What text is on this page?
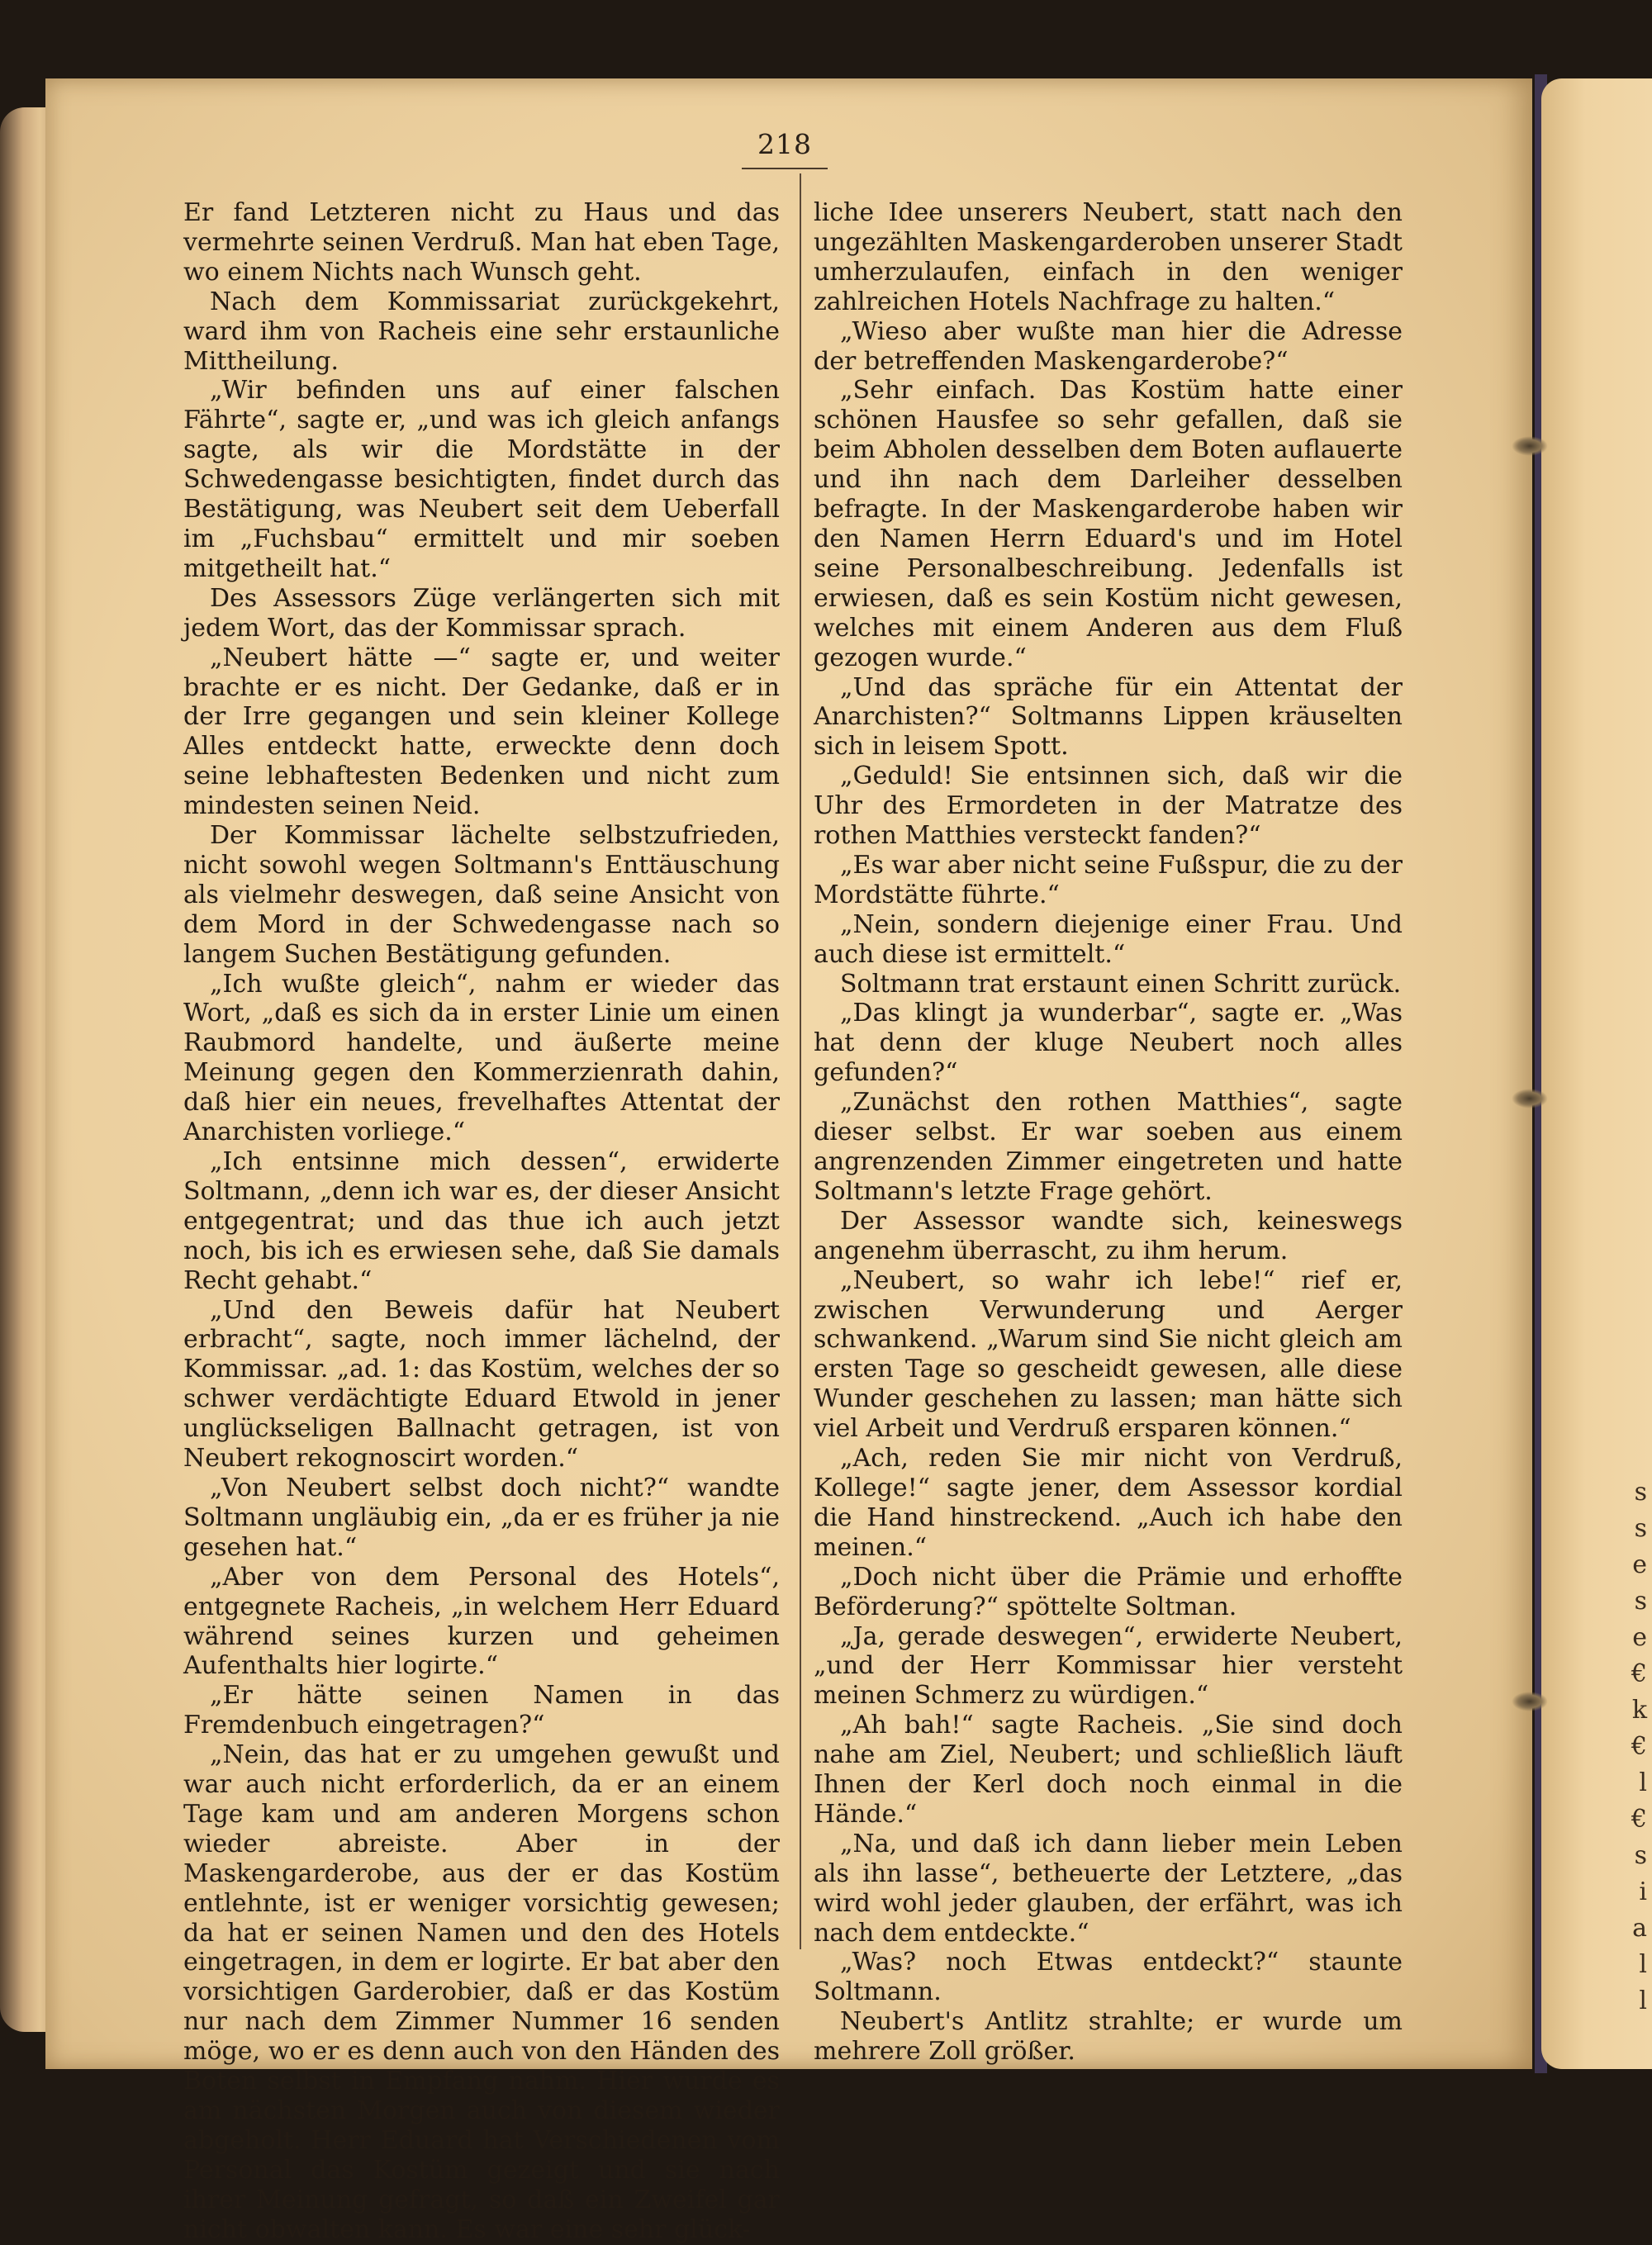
s
s
e
s
e
€
k
€
l
€
s
i
a
l
l
218

Er fand Letzteren nicht zu Haus und das vermehrte seinen Verdruß. Man hat eben Tage, wo einem Nichts nach Wunsch geht.

Nach dem Kommissariat zurückgekehrt, ward ihm von Racheis eine sehr erstaunliche Mittheilung.

„Wir befinden uns auf einer falschen Fährte“, sagte er, „und was ich gleich anfangs sagte, als wir die Mordstätte in der Schwedengasse besichtigten, findet durch das Bestätigung, was Neubert seit dem Ueberfall im „Fuchsbau“ ermittelt und mir soeben mitgetheilt hat.“

Des Assessors Züge verlängerten sich mit jedem Wort, das der Kommissar sprach.

„Neubert hätte —“ sagte er, und weiter brachte er es nicht. Der Gedanke, daß er in der Irre gegangen und sein kleiner Kollege Alles entdeckt hatte, erweckte denn doch seine lebhaftesten Bedenken und nicht zum mindesten seinen Neid.

Der Kommissar lächelte selbstzufrieden, nicht sowohl wegen Soltmann's Enttäuschung als vielmehr deswegen, daß seine Ansicht von dem Mord in der Schwedengasse nach so langem Suchen Bestätigung gefunden.

„Ich wußte gleich“, nahm er wieder das Wort, „daß es sich da in erster Linie um einen Raubmord handelte, und äußerte meine Meinung gegen den Kommerzienrath dahin, daß hier ein neues, frevelhaftes Attentat der Anarchisten vorliege.“

„Ich entsinne mich dessen“, erwiderte Soltmann, „denn ich war es, der dieser Ansicht entgegentrat; und das thue ich auch jetzt noch, bis ich es erwiesen sehe, daß Sie damals Recht gehabt.“

„Und den Beweis dafür hat Neubert erbracht“, sagte, noch immer lächelnd, der Kommissar. „ad. 1: das Kostüm, welches der so schwer verdächtigte Eduard Etwold in jener unglückseligen Ballnacht getragen, ist von Neubert rekognoscirt worden.“

„Von Neubert selbst doch nicht?“ wandte Soltmann ungläubig ein, „da er es früher ja nie gesehen hat.“

„Aber von dem Personal des Hotels“, entgegnete Racheis, „in welchem Herr Eduard während seines kurzen und geheimen Aufenthalts hier logirte.“

„Er hätte seinen Namen in das Fremdenbuch eingetragen?“

„Nein, das hat er zu umgehen gewußt und war auch nicht erforderlich, da er an einem Tage kam und am anderen Morgens schon wieder abreiste. Aber in der Maskengarderobe, aus der er das Kostüm entlehnte, ist er weniger vorsichtig gewesen; da hat er seinen Namen und den des Hotels eingetragen, in dem er logirte. Er bat aber den vorsichtigen Garderobier, daß er das Kostüm nur nach dem Zimmer Nummer 16 senden möge, wo er es denn auch von den Händen des Boten selbst in Empfang nahm. Hier wurde es am nächsten Morgen auch von diesem wieder abgeholt. Herr Eduard hat Verschiedenen vom Personal das Kostüm gezeigt und sie nach ihrer Meinung gefragt, so daß ein Zweifel gar nicht obwalten kann. Es war eine sehr glück-

liche Idee unserers Neubert, statt nach den ungezählten Maskengarderoben unserer Stadt umherzulaufen, einfach in den weniger zahlreichen Hotels Nachfrage zu halten.“

„Wieso aber wußte man hier die Adresse der betreffenden Maskengarderobe?“

„Sehr einfach. Das Kostüm hatte einer schönen Hausfee so sehr gefallen, daß sie beim Abholen desselben dem Boten auflauerte und ihn nach dem Darleiher desselben befragte. In der Maskengarderobe haben wir den Namen Herrn Eduard's und im Hotel seine Personalbeschreibung. Jedenfalls ist erwiesen, daß es sein Kostüm nicht gewesen, welches mit einem Anderen aus dem Fluß gezogen wurde.“

„Und das spräche für ein Attentat der Anarchisten?“ Soltmanns Lippen kräuselten sich in leisem Spott.

„Geduld! Sie entsinnen sich, daß wir die Uhr des Ermordeten in der Matratze des rothen Matthies versteckt fanden?“

„Es war aber nicht seine Fußspur, die zu der Mordstätte führte.“

„Nein, sondern diejenige einer Frau. Und auch diese ist ermittelt.“

Soltmann trat erstaunt einen Schritt zurück.

„Das klingt ja wunderbar“, sagte er. „Was hat denn der kluge Neubert noch alles gefunden?“

„Zunächst den rothen Matthies“, sagte dieser selbst. Er war soeben aus einem angrenzenden Zimmer eingetreten und hatte Soltmann's letzte Frage gehört.

Der Assessor wandte sich, keineswegs angenehm überrascht, zu ihm herum.

„Neubert, so wahr ich lebe!“ rief er, zwischen Verwunderung und Aerger schwankend. „Warum sind Sie nicht gleich am ersten Tage so gescheidt gewesen, alle diese Wunder geschehen zu lassen; man hätte sich viel Arbeit und Verdruß ersparen können.“

„Ach, reden Sie mir nicht von Verdruß, Kollege!“ sagte jener, dem Assessor kordial die Hand hinstreckend. „Auch ich habe den meinen.“

„Doch nicht über die Prämie und erhoffte Beförderung?“ spöttelte Soltman.

„Ja, gerade deswegen“, erwiderte Neubert, „und der Herr Kommissar hier versteht meinen Schmerz zu würdigen.“

„Ah bah!“ sagte Racheis. „Sie sind doch nahe am Ziel, Neubert; und schließlich läuft Ihnen der Kerl doch noch einmal in die Hände.“

„Na, und daß ich dann lieber mein Leben als ihn lasse“, betheuerte der Letztere, „das wird wohl jeder glauben, der erfährt, was ich nach dem entdeckte.“

„Was? noch Etwas entdeckt?“ staunte Soltmann.

Neubert's Antlitz strahlte; er wurde um mehrere Zoll größer.
